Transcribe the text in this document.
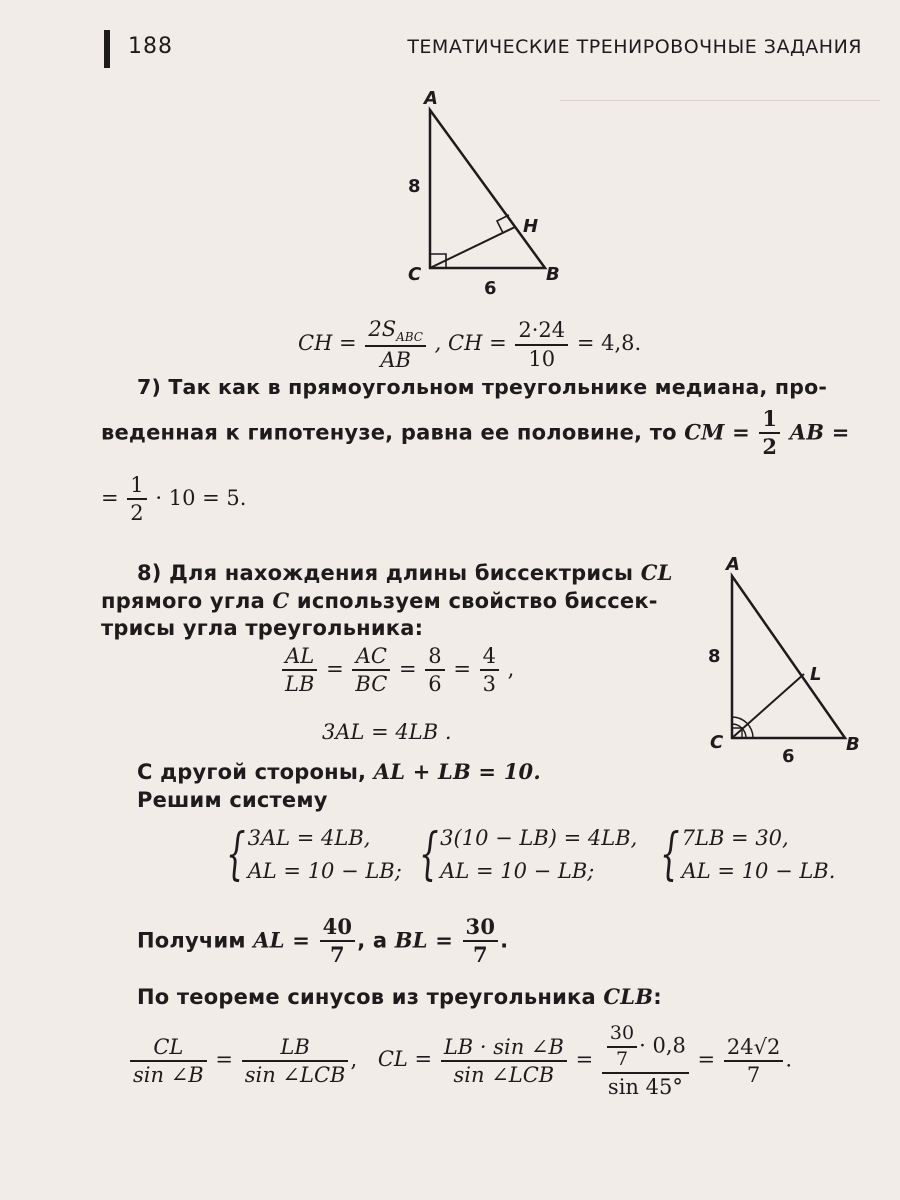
188	ТЕМАТИЧЕСКИЕ ТРЕНИРОВОЧНЫЕ ЗАДАНИЯ
A
H
C	B
8
6
CH = $\frac{2S_{ABC}}{AB}$ , CH = $\frac{2\cdot 24}{10} = 4,8$.
7) Так как в прямоугольном треугольнике медиана, про-
веденная к гипотенузе, равна ее половине, то CM = $\frac{1}{2}$ AB =
= $\frac{1}{2} \cdot 10 = 5$.
8) Для нахождения длины биссектрисы CL
прямого угла C используем свойство биссек-
трисы угла треугольника:
A
L
C	B
8
6
$\frac{AL}{LB} = \frac{AC}{BC} = \frac{8}{6} = \frac{4}{3}$ ,
3AL = 4LB .
С другой стороны, AL + LB = 10.
Решим систему
{3AL = 4LB,
AL = 10 − LB; {3(10 − LB) = 4LB,
AL = 10 − LB; {7LB = 30,
AL = 10 − LB.
Получим AL = $\frac{40}{7}$ , а BL = $\frac{30}{7}$ .
По теореме синусов из треугольника CLB:
$\frac{CL}{\sin \angle B} = \frac{LB}{\text{sin ∠LCB}}$ , CL = $\frac{LB \cdot \sin \angle B}{\text{sin ∠LCB}} = \frac{\frac{30}{7} \cdot 0,8}{\sin 45^\circ} = \frac{24√2}{7}$ .
